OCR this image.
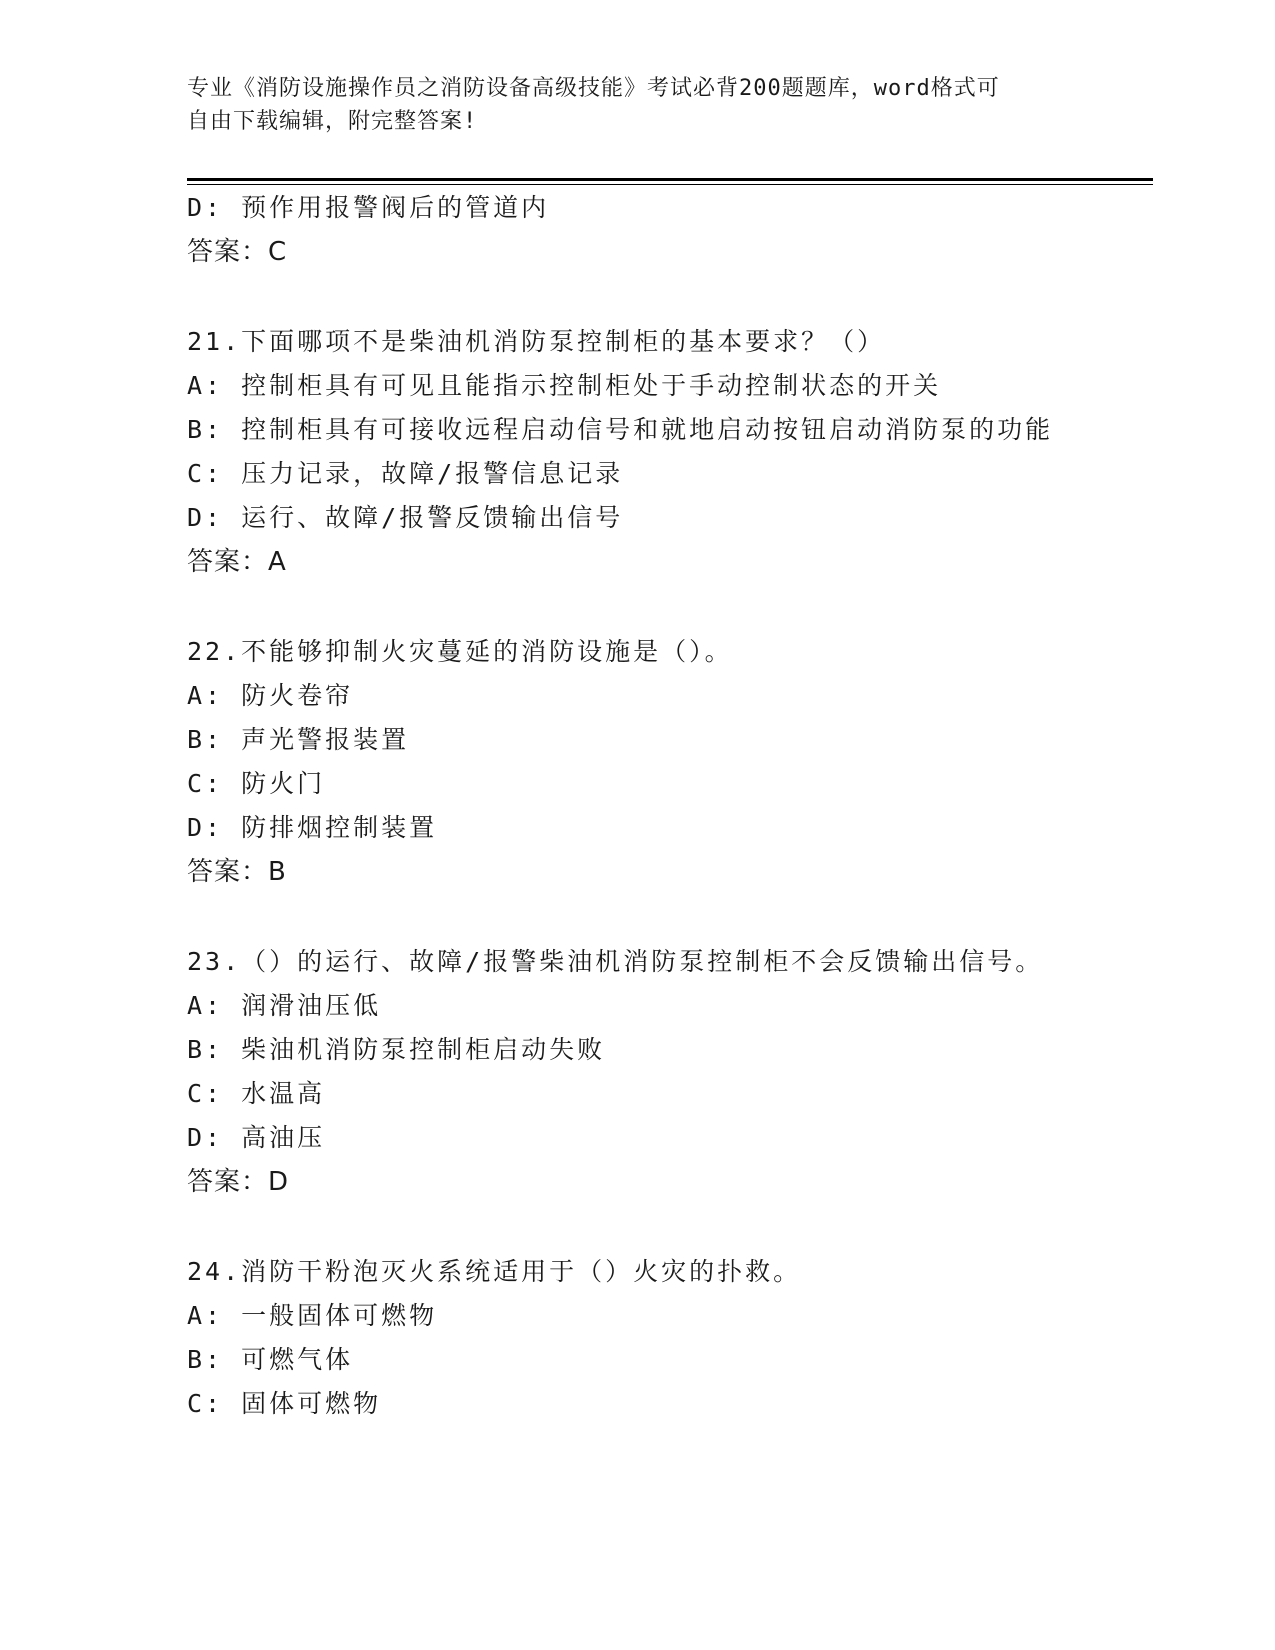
专业《消防设施操作员之消防设备高级技能》考试必背200题题库，word格式可
自由下载编辑，附完整答案!
D: 预作用报警阀后的管道内
答案：C
21.下面哪项不是柴油机消防泵控制柜的基本要求？（）
A: 控制柜具有可见且能指示控制柜处于手动控制状态的开关
B: 控制柜具有可接收远程启动信号和就地启动按钮启动消防泵的功能
C: 压力记录，故障/报警信息记录
D: 运行、故障/报警反馈输出信号
答案：A
22.不能够抑制火灾蔓延的消防设施是（）。
A: 防火卷帘
B: 声光警报装置
C: 防火门
D: 防排烟控制装置
答案：B
23.（）的运行、故障/报警柴油机消防泵控制柜不会反馈输出信号。
A: 润滑油压低
B: 柴油机消防泵控制柜启动失败
C: 水温高
D: 高油压
答案：D
24.消防干粉泡灭火系统适用于（）火灾的扑救。
A: 一般固体可燃物
B: 可燃气体
C: 固体可燃物
